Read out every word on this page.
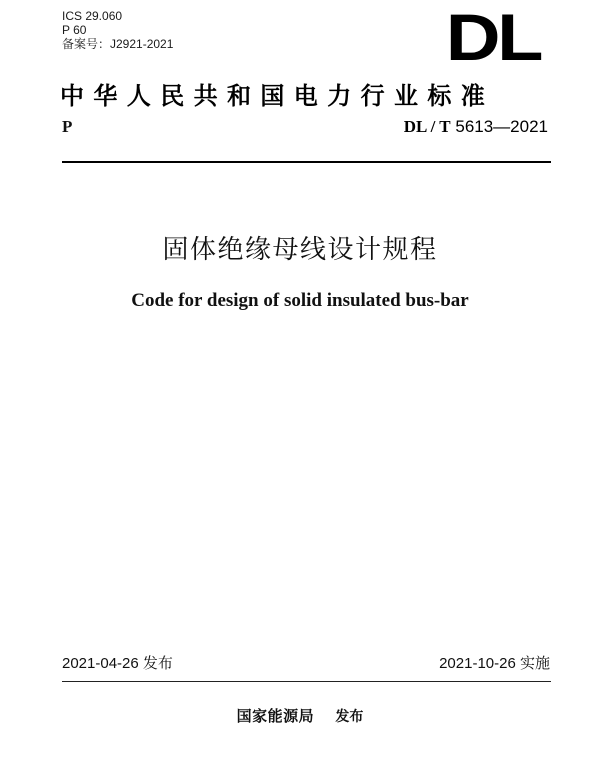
ICS 29.060
P 60
备案号：J2921-2021	DL
中华人民共和国电力行业标准
P	DL / T 5613—2021
固体绝缘母线设计规程
Code for design of solid insulated bus-bar
2021-04-26 发布	2021-10-26 实施
国家能源局 发布
